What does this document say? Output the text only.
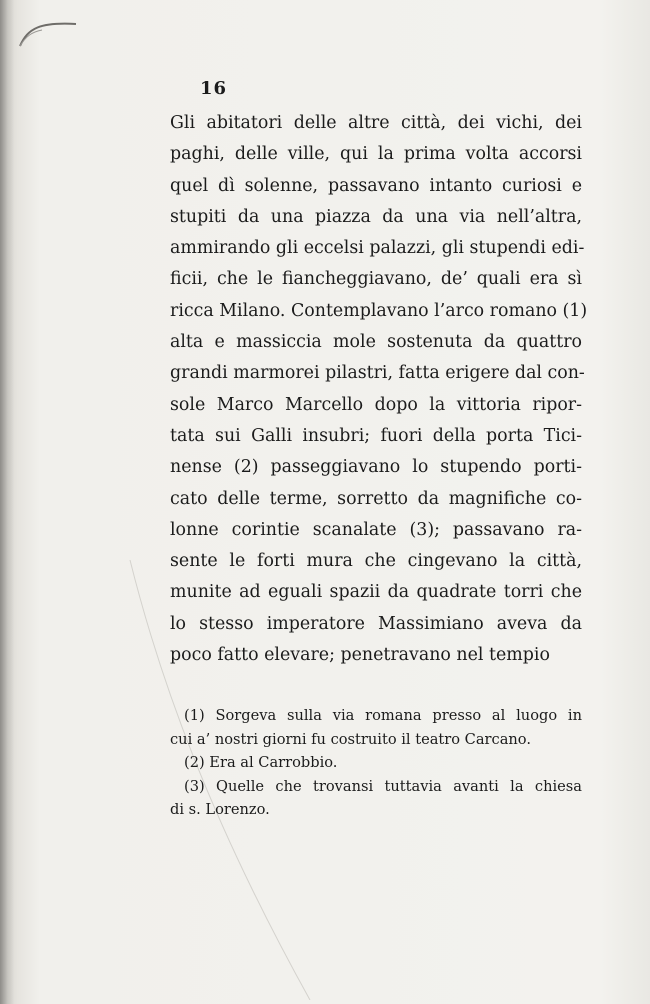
16
Gli abitatori delle altre città, dei vichi, dei
paghi, delle ville, qui la prima volta accorsi
quel dì solenne, passavano intanto curiosi e
stupiti da una piazza da una via nell’altra,
ammirando gli eccelsi palazzi, gli stupendi edi-
ficii, che le fiancheggiavano, de’ quali era sì
ricca Milano. Contemplavano l’arco romano (1)
alta e massiccia mole sostenuta da quattro
grandi marmorei pilastri, fatta erigere dal con-
sole Marco Marcello dopo la vittoria ripor-
tata sui Galli insubri; fuori della porta Tici-
nense (2) passeggiavano lo stupendo porti-
cato delle terme, sorretto da magnifiche co-
lonne corintie scanalate (3); passavano ra-
sente le forti mura che cingevano la città,
munite ad eguali spazii da quadrate torri che
lo stesso imperatore Massimiano aveva da
poco fatto elevare; penetravano nel tempio
(1) Sorgeva sulla via romana presso al luogo in
cui a’ nostri giorni fu costruito il teatro Carcano.
(2) Era al Carrobbio.
(3) Quelle che trovansi tuttavia avanti la chiesa
di s. Lorenzo.
